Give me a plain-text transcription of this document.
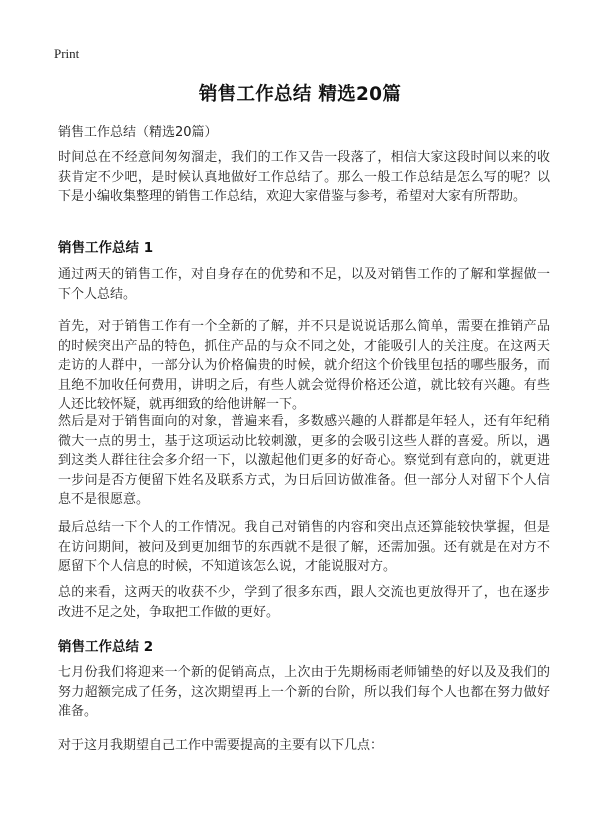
Print
销售工作总结 精选20篇
销售工作总结（精选20篇）

时间总在不经意间匆匆溜走，我们的工作又告一段落了，相信大家这段时间以来的收获肯定不少吧，是时候认真地做好工作总结了。那么一般工作总结是怎么写的呢？以下是小编收集整理的销售工作总结，欢迎大家借鉴与参考，希望对大家有所帮助。

销售工作总结 1

通过两天的销售工作，对自身存在的优势和不足，以及对销售工作的了解和掌握做一下个人总结。

首先，对于销售工作有一个全新的了解，并不只是说说话那么简单，需要在推销产品的时候突出产品的特色，抓住产品的与众不同之处，才能吸引人的关注度。在这两天走访的人群中，一部分认为价格偏贵的时候，就介绍这个价钱里包括的哪些服务，而且绝不加收任何费用，讲明之后，有些人就会觉得价格还公道，就比较有兴趣。有些人还比较怀疑，就再细致的给他讲解一下。

然后是对于销售面向的对象，普遍来看，多数感兴趣的人群都是年轻人，还有年纪稍微大一点的男士，基于这项运动比较刺激，更多的会吸引这些人群的喜爱。所以，遇到这类人群往往会多介绍一下，以激起他们更多的好奇心。察觉到有意向的，就更进一步问是否方便留下姓名及联系方式，为日后回访做准备。但一部分人对留下个人信息不是很愿意。

最后总结一下个人的工作情况。我自己对销售的内容和突出点还算能较快掌握，但是在访问期间，被问及到更加细节的东西就不是很了解，还需加强。还有就是在对方不愿留下个人信息的时候，不知道该怎么说，才能说服对方。

总的来看，这两天的收获不少，学到了很多东西，跟人交流也更放得开了，也在逐步改进不足之处，争取把工作做的更好。

销售工作总结 2

七月份我们将迎来一个新的促销高点，上次由于先期杨雨老师铺垫的好以及及我们的努力超额完成了任务，这次期望再上一个新的台阶，所以我们每个人也都在努力做好准备。

对于这月我期望自己工作中需要提高的主要有以下几点：
